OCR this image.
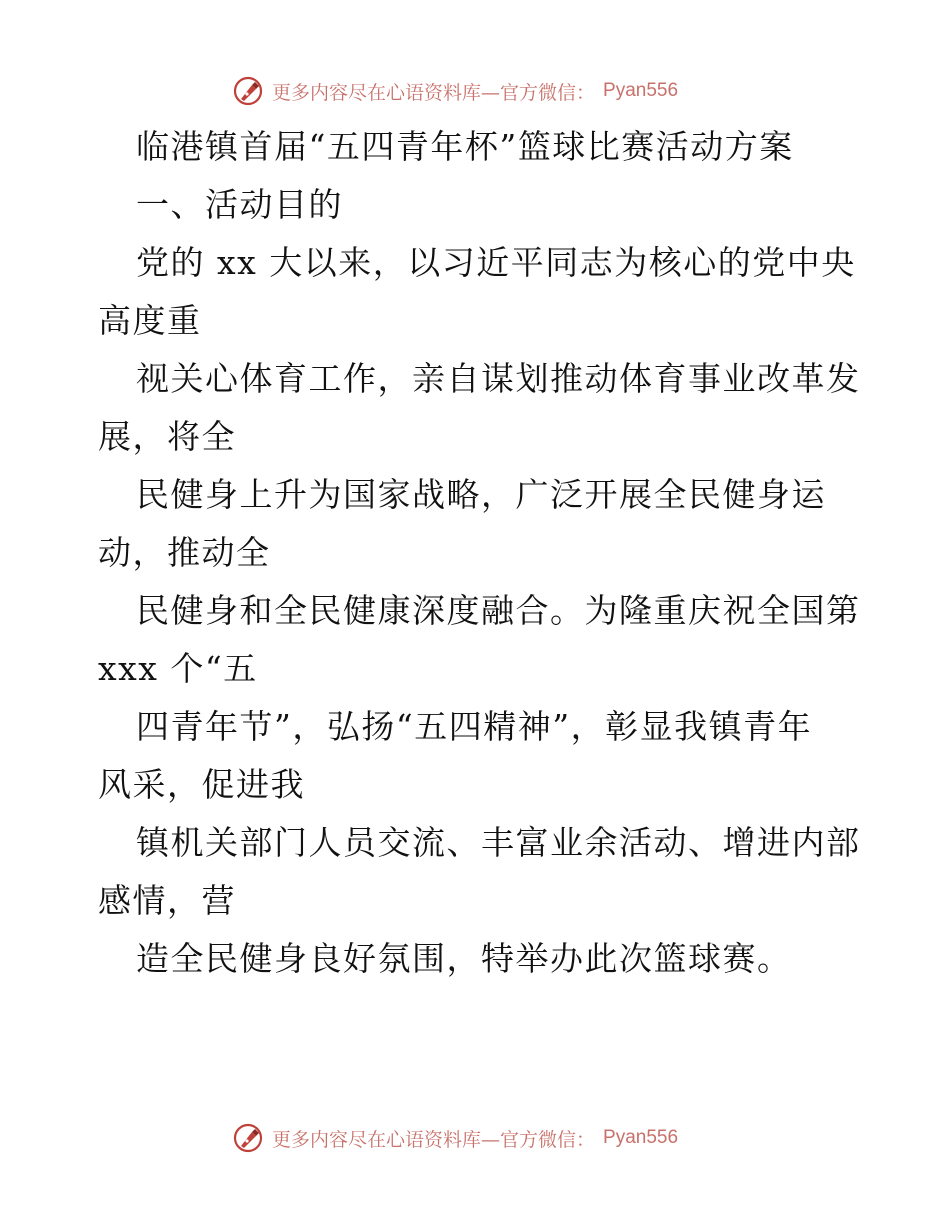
更多内容尽在心语资料库—官方微信： Pyan556
临港镇首届“五四青年杯”篮球比赛活动方案
一、活动目的
党的 xx 大以来，以习近平同志为核心的党中央
高度重
视关心体育工作，亲自谋划推动体育事业改革发
展，将全
民健身上升为国家战略，广泛开展全民健身运
动，推动全
民健身和全民健康深度融合。为隆重庆祝全国第
xxx 个“五
四青年节”，弘扬“五四精神”，彰显我镇青年
风采，促进我
镇机关部门人员交流、丰富业余活动、增进内部
感情，营
造全民健身良好氛围，特举办此次篮球赛。
更多内容尽在心语资料库—官方微信： Pyan556
